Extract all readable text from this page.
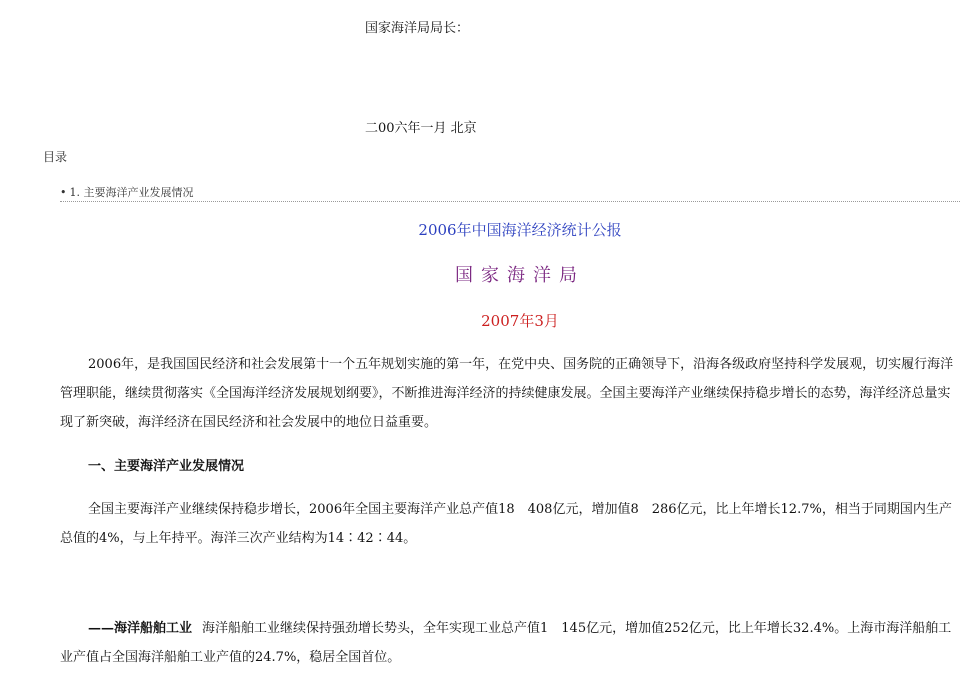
国家海洋局局长：
二00六年一月 北京
目录
• 1. 主要海洋产业发展情况
2006年中国海洋经济统计公报
国家海洋局
2007年3月

2006年，是我国国民经济和社会发展第十一个五年规划实施的第一年，在党中央、国务院的正确领导下，沿海各级政府坚持科学发展观，切实履行海洋管理职能，继续贯彻落实《全国海洋经济发展规划纲要》，不断推进海洋经济的持续健康发展。全国主要海洋产业继续保持稳步增长的态势，海洋经济总量实现了新突破，海洋经济在国民经济和社会发展中的地位日益重要。

一、主要海洋产业发展情况

全国主要海洋产业继续保持稳步增长，2006年全国主要海洋产业总产值18　408亿元，增加值8　286亿元，比上年增长12.7%，相当于同期国内生产总值的4%，与上年持平。海洋三次产业结构为14∶42∶44。

——海洋船舶工业 海洋船舶工业继续保持强劲增长势头，全年实现工业总产值1　145亿元，增加值252亿元，比上年增长32.4%。上海市海洋船舶工业产值占全国海洋船舶工业产值的24.7%，稳居全国首位。
